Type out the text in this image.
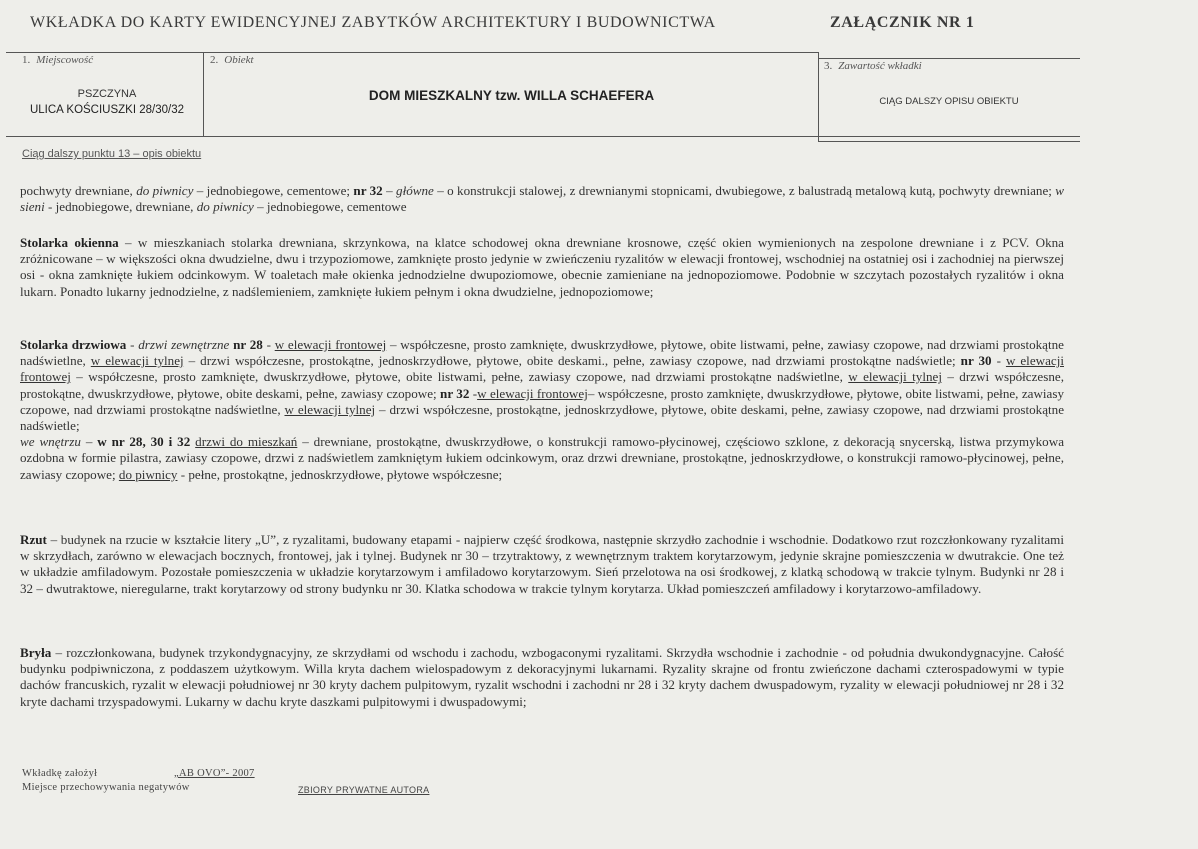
WKŁADKA DO KARTY EWIDENCYJNEJ ZABYTKÓW ARCHITEKTURY I BUDOWNICTWA	ZAŁĄCZNIK NR 1
1. Miejscowość
PSZCZYNA
ULICA KOŚCIUSZKI 28/30/32
2. Obiekt
DOM MIESZKALNY tzw. WILLA SCHAEFERA
3. Zawartość wkładki
CIĄG DALSZY OPISU OBIEKTU
Ciąg dalszy punktu 13 – opis obiektu

pochwyty drewniane, do piwnicy – jednobiegowe, cementowe; nr 32 – główne – o konstrukcji stalowej, z drewnianymi stopnicami, dwubiegowe, z balustradą metalową kutą, pochwyty drewniane; w sieni - jednobiegowe, drewniane, do piwnicy – jednobiegowe, cementowe

Stolarka okienna – w mieszkaniach stolarka drewniana, skrzynkowa, na klatce schodowej okna drewniane krosnowe, część okien wymienionych na zespolone drewniane i z PCV. Okna zróżnicowane – w większości okna dwudzielne, dwu i trzypoziomowe, zamknięte prosto jedynie w zwieńczeniu ryzalitów w elewacji frontowej, wschodniej na ostatniej osi i zachodniej na pierwszej osi - okna zamknięte łukiem odcinkowym. W toaletach małe okienka jednodzielne dwupoziomowe, obecnie zamieniane na jednopoziomowe. Podobnie w szczytach pozostałych ryzalitów i okna lukarn. Ponadto lukarny jednodzielne, z nadślemieniem, zamknięte łukiem pełnym i okna dwudzielne, jednopoziomowe;

Stolarka drzwiowa - drzwi zewnętrzne nr 28 - w elewacji frontowej – współczesne, prosto zamknięte, dwuskrzydłowe, płytowe, obite listwami, pełne, zawiasy czopowe, nad drzwiami prostokątne nadświetlne, w elewacji tylnej – drzwi współczesne, prostokątne, jednoskrzydłowe, płytowe, obite deskami., pełne, zawiasy czopowe, nad drzwiami prostokątne nadświetle; nr 30 - w elewacji frontowej – współczesne, prosto zamknięte, dwuskrzydłowe, płytowe, obite listwami, pełne, zawiasy czopowe, nad drzwiami prostokątne nadświetlne, w elewacji tylnej – drzwi współczesne, prostokątne, dwuskrzydłowe, płytowe, obite deskami, pełne, zawiasy czopowe; nr 32 -w elewacji frontowej– współczesne, prosto zamknięte, dwuskrzydłowe, płytowe, obite listwami, pełne, zawiasy czopowe, nad drzwiami prostokątne nadświetlne, w elewacji tylnej – drzwi współczesne, prostokątne, jednoskrzydłowe, płytowe, obite deskami, pełne, zawiasy czopowe, nad drzwiami prostokątne nadświetle;

we wnętrzu – w nr 28, 30 i 32 drzwi do mieszkań – drewniane, prostokątne, dwuskrzydłowe, o konstrukcji ramowo-płycinowej, częściowo szklone, z dekoracją snycerską, listwa przymykowa ozdobna w formie pilastra, zawiasy czopowe, drzwi z nadświetlem zamkniętym łukiem odcinkowym, oraz drzwi drewniane, prostokątne, jednoskrzydłowe, o konstrukcji ramowo-płycinowej, pełne, zawiasy czopowe; do piwnicy - pełne, prostokątne, jednoskrzydłowe, płytowe współczesne;

Rzut – budynek na rzucie w kształcie litery „U”, z ryzalitami, budowany etapami - najpierw część środkowa, następnie skrzydło zachodnie i wschodnie. Dodatkowo rzut rozczłonkowany ryzalitami w skrzydłach, zarówno w elewacjach bocznych, frontowej, jak i tylnej. Budynek nr 30 – trzytraktowy, z wewnętrznym traktem korytarzowym, jedynie skrajne pomieszczenia w dwutrakcie. One też w układzie amfiladowym. Pozostałe pomieszczenia w układzie korytarzowym i amfiladowo korytarzowym. Sień przelotowa na osi środkowej, z klatką schodową w trakcie tylnym. Budynki nr 28 i 32 – dwutraktowe, nieregularne, trakt korytarzowy od strony budynku nr 30. Klatka schodowa w trakcie tylnym korytarza. Układ pomieszczeń amfiladowy i korytarzowo-amfiladowy.

Bryła – rozczłonkowana, budynek trzykondygnacyjny, ze skrzydłami od wschodu i zachodu, wzbogaconymi ryzalitami. Skrzydła wschodnie i zachodnie - od południa dwukondygnacyjne. Całość budynku podpiwniczona, z poddaszem użytkowym. Willa kryta dachem wielospadowym z dekoracyjnymi lukarnami. Ryzality skrajne od frontu zwieńczone dachami czterospadowymi w typie dachów francuskich, ryzalit w elewacji południowej nr 30 kryty dachem pulpitowym, ryzalit wschodni i zachodni nr 28 i 32 kryty dachem dwuspadowym, ryzality w elewacji południowej nr 28 i 32 kryte dachami trzyspadowymi. Lukarny w dachu kryte daszkami pulpitowymi i dwuspadowymi;

Wkładkę założył	„AB OVO”- 2007
Miejsce przechowywania negatywów	ZBIORY PRYWATNE AUTORA
